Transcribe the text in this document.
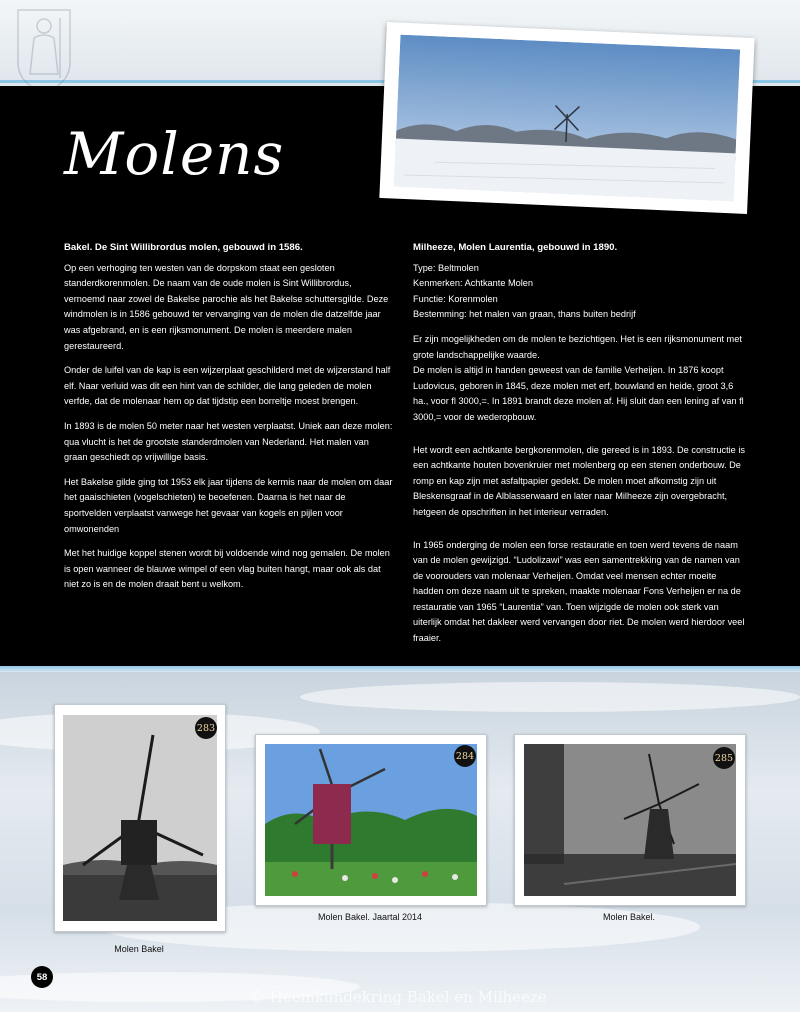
Molens
Bakel. De Sint Willibrordus molen, gebouwd in 1586.

Op een verhoging ten westen van de dorpskom staat een gesloten standerdkorenmolen. De naam van de oude molen is Sint Willibrordus, vernoemd naar zowel de Bakelse parochie als het Bakelse schuttersgilde. Deze windmolen is in 1586 gebouwd ter vervanging van de molen die datzelfde jaar was afgebrand, en is een rijksmonument. De molen is meerdere malen gerestaureerd.

Onder de luifel van de kap is een wijzerplaat geschilderd met de wijzerstand half elf. Naar verluid was dit een hint van de schilder, die lang geleden de molen verfde, dat de molenaar hem op dat tijdstip een borreltje moest brengen.

In 1893 is de molen 50 meter naar het westen verplaatst. Uniek aan deze molen: qua vlucht is het de grootste standerdmolen van Nederland. Het malen van graan geschiedt op vrijwillige basis.

Het Bakelse gilde ging tot 1953 elk jaar tijdens de kermis naar de molen om daar het gaaischieten (vogelschieten) te beoefenen. Daarna is het naar de sportvelden verplaatst vanwege het gevaar van kogels en pijlen voor omwonenden

Met het huidige koppel stenen wordt bij voldoende wind nog gemalen. De molen is open wanneer de blauwe wimpel of een vlag buiten hangt, maar ook als dat niet zo is en de molen draait bent u welkom.

Milheeze, Molen Laurentia, gebouwd in 1890.
Type: Beltmolen
Kenmerken: Achtkante Molen
Functie: Korenmolen
Bestemming: het malen van graan, thans buiten bedrijf
Er zijn mogelijkheden om de molen te bezichtigen. Het is een rijksmonument met grote landschappelijke waarde.

De molen is altijd in handen geweest van de familie Verheijen. In 1876 koopt Ludovicus, geboren in 1845, deze molen met erf, bouwland en heide, groot 3,6 ha., voor fl 3000,=. In 1891 brandt deze molen af. Hij sluit dan een lening af van fl 3000,= voor de wederopbouw.

Het wordt een achtkante bergkorenmolen, die gereed is in 1893. De constructie is een achtkante houten bovenkruier met molenberg op een stenen onderbouw. De romp en kap zijn met asfaltpapier gedekt. De molen moet afkomstig zijn uit Bleskensgraaf in de Alblasserwaard en later naar Milheeze zijn overgebracht, hetgeen de opschriften in het interieur verraden.

In 1965 onderging de molen een forse restauratie en toen werd tevens de naam van de molen gewijzigd. “Ludolizawi” was een samentrekking van de namen van de voorouders van molenaar Verheijen. Omdat veel mensen echter moeite hadden om deze naam uit te spreken, maakte molenaar Fons Verheijen er na de restauratie van 1965 “Laurentia” van. Toen wijzigde de molen ook sterk van uiterlijk omdat het dakleer werd vervangen door riet. De molen werd hierdoor veel fraaier.

283
Molen Bakel
284
Molen Bakel. Jaartal 2014
285
Molen Bakel.
58
© Heemkundekring Bakel en Milheeze
